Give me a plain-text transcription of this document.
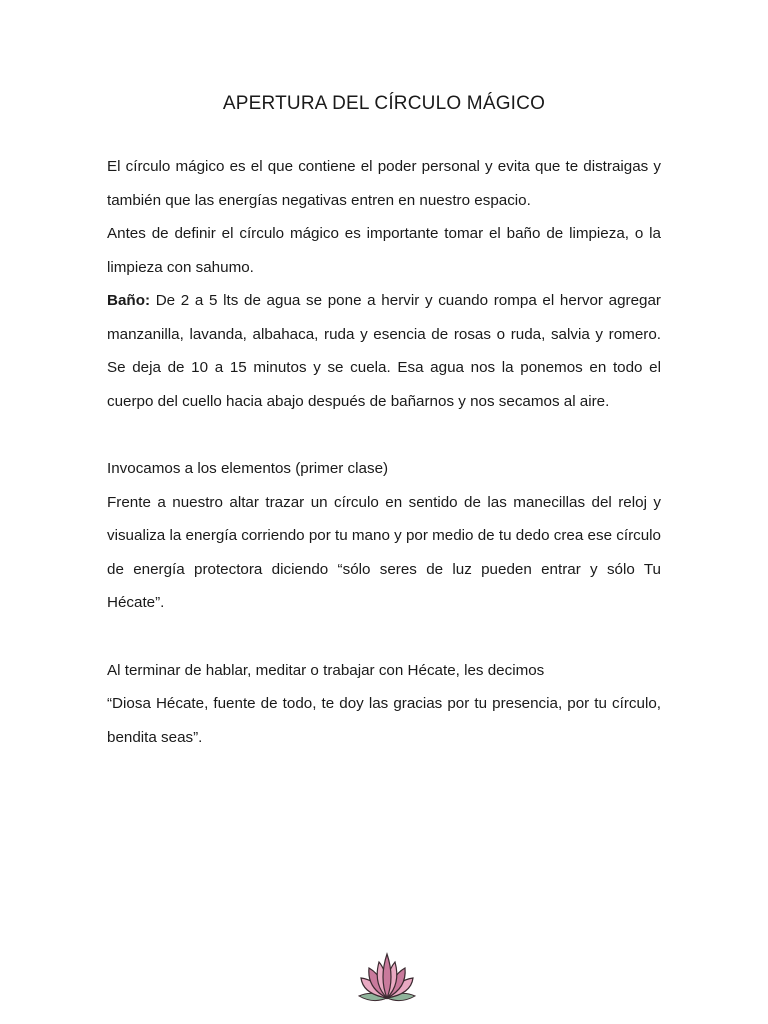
APERTURA DEL CÍRCULO MÁGICO

El círculo mágico es el que contiene el poder personal y evita que te distraigas y también que las energías negativas entren en nuestro espacio.

Antes de definir el círculo mágico es importante tomar el baño de limpieza, o la limpieza con sahumo.

Baño: De 2 a 5 lts de agua se pone a hervir y cuando rompa el hervor agregar manzanilla, lavanda, albahaca, ruda y esencia de rosas o ruda, salvia y romero. Se deja de 10 a 15 minutos y se cuela. Esa agua nos la ponemos en todo el cuerpo del cuello hacia abajo después de bañarnos y nos secamos al aire.

Invocamos a los elementos (primer clase)

Frente a nuestro altar trazar un círculo en sentido de las manecillas del reloj y visualiza la energía corriendo por tu mano y por medio de tu dedo crea ese círculo de energía protectora diciendo “sólo seres de luz pueden entrar y sólo Tu Hécate”.

Al terminar de hablar, meditar o trabajar con Hécate, les decimos

“Diosa Hécate, fuente de todo, te doy las gracias por tu presencia, por tu círculo, bendita seas”.
